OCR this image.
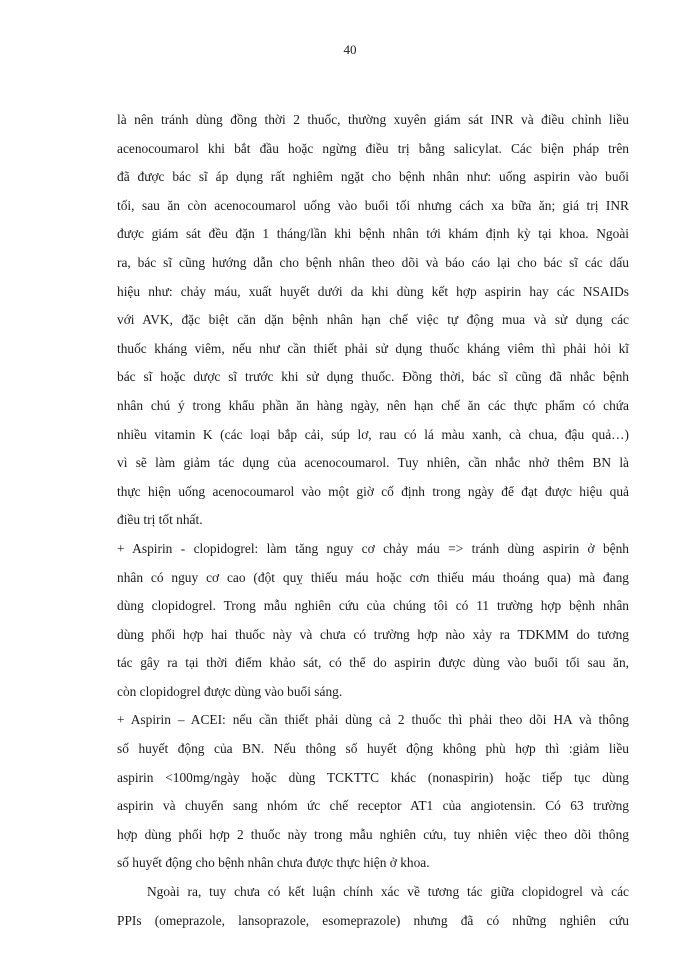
40
là nên tránh dùng đồng thời 2 thuốc, thường xuyên giám sát INR và điều chỉnh liều
acenocoumarol khi bắt đầu hoặc ngừng điều trị bằng salicylat. Các biện pháp trên
đã được bác sĩ áp dụng rất nghiêm ngặt cho bệnh nhân như: uống aspirin vào buổi
tối, sau ăn còn acenocoumarol uống vào buổi tối nhưng cách xa bữa ăn; giá trị INR
được giám sát đều đặn 1 tháng/lần khi bệnh nhân tới khám định kỳ tại khoa. Ngoài
ra, bác sĩ cũng hướng dẫn cho bệnh nhân theo dõi và báo cáo lại cho bác sĩ các dấu
hiệu như: chảy máu, xuất huyết dưới da khi dùng kết hợp aspirin hay các NSAIDs
với AVK, đặc biệt căn dặn bệnh nhân hạn chế việc tự động mua và sử dụng các
thuốc kháng viêm, nếu như cần thiết phải sử dụng thuốc kháng viêm thì phải hỏi kĩ
bác sĩ hoặc dược sĩ trước khi sử dụng thuốc. Đồng thời, bác sĩ cũng đã nhắc bệnh
nhân chú ý trong khẩu phần ăn hàng ngày, nên hạn chế ăn các thực phẩm có chứa
nhiều vitamin K (các loại bắp cải, súp lơ, rau có lá màu xanh, cà chua, đậu quả…)
vì sẽ làm giảm tác dụng của acenocoumarol. Tuy nhiên, cần nhắc nhở thêm BN là
thực hiện uống acenocoumarol vào một giờ cố định trong ngày để đạt được hiệu quả
điều trị tốt nhất.
+ Aspirin - clopidogrel: làm tăng nguy cơ chảy máu => tránh dùng aspirin ở bệnh
nhân có nguy cơ cao (đột quỵ thiếu máu hoặc cơn thiếu máu thoáng qua) mà đang
dùng clopidogrel. Trong mẫu nghiên cứu của chúng tôi có 11 trường hợp bệnh nhân
dùng phối hợp hai thuốc này và chưa có trường hợp nào xảy ra TDKMM do tương
tác gây ra tại thời điểm khảo sát, có thể do aspirin được dùng vào buổi tối sau ăn,
còn clopidogrel được dùng vào buổi sáng.
+ Aspirin – ACEI: nếu cần thiết phải dùng cả 2 thuốc thì phải theo dõi HA và thông
số huyết động của BN. Nếu thông số huyết động không phù hợp thì :giảm liều
aspirin <100mg/ngày hoặc dùng TCKTTC khác (nonaspirin) hoặc tiếp tục dùng
aspirin và chuyển sang nhóm ức chế receptor AT1 của angiotensin. Có 63 trường
hợp dùng phối hợp 2 thuốc này trong mẫu nghiên cứu, tuy nhiên việc theo dõi thông
số huyết động cho bệnh nhân chưa được thực hiện ở khoa.
Ngoài ra, tuy chưa có kết luận chính xác về tương tác giữa clopidogrel và các
PPIs (omeprazole, lansoprazole, esomeprazole) nhưng đã có những nghiên cứu
